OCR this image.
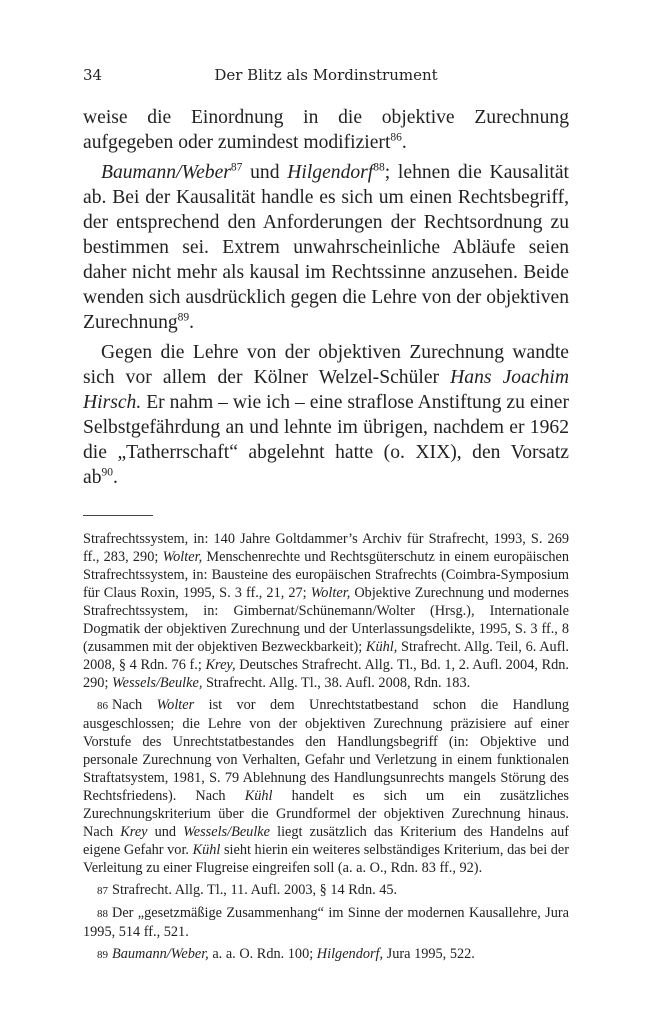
34	Der Blitz als Mordinstrument

weise die Einordnung in die objektive Zurechnung aufgegeben oder zumindest modifiziert$^{86}$.

Baumann/Weber$^{87}$ und Hilgendorf$^{88}$; lehnen die Kausalität ab. Bei der Kausalität handle es sich um einen Rechtsbegriff, der entsprechend den Anforderungen der Rechtsordnung zu bestimmen sei. Extrem unwahrscheinliche Abläufe seien daher nicht mehr als kausal im Rechtssinne anzusehen. Beide wenden sich ausdrücklich gegen die Lehre von der objektiven Zurechnung$^{89}$.

Gegen die Lehre von der objektiven Zurechnung wandte sich vor allem der Kölner Welzel-Schüler Hans Joachim Hirsch. Er nahm – wie ich – eine straflose Anstiftung zu einer Selbstgefährdung an und lehnte im übrigen, nachdem er 1962 die „Tatherrschaft“ abgelehnt hatte (o. XIX), den Vorsatz ab$^{90}$.

Strafrechtssystem, in: 140 Jahre Goltdammer’s Archiv für Strafrecht, 1993, S. 269 ff., 283, 290; Wolter, Menschenrechte und Rechtsgüterschutz in einem europäischen Strafrechtssystem, in: Bausteine des europäischen Strafrechts (Coimbra-Symposium für Claus Roxin, 1995, S. 3 ff., 21, 27; Wolter, Objektive Zurechnung und modernes Strafrechtssystem, in: Gimbernat/Schünemann/Wolter (Hrsg.), Internationale Dogmatik der objektiven Zurechnung und der Unterlassungsdelikte, 1995, S. 3 ff., 8 (zusammen mit der objektiven Bezweckbarkeit); Kühl, Strafrecht. Allg. Teil, 6. Aufl. 2008, § 4 Rdn. 76 f.; Krey, Deutsches Strafrecht. Allg. Tl., Bd. 1, 2. Aufl. 2004, Rdn. 290; Wessels/Beulke, Strafrecht. Allg. Tl., 38. Aufl. 2008, Rdn. 183.

86 Nach Wolter ist vor dem Unrechtstatbestand schon die Handlung ausgeschlossen; die Lehre von der objektiven Zurechnung präzisiere auf einer Vorstufe des Unrechtstatbestandes den Handlungsbegriff (in: Objektive und personale Zurechnung von Verhalten, Gefahr und Verletzung in einem funktionalen Straftatsystem, 1981, S. 79 Ablehnung des Handlungsunrechts mangels Störung des Rechtsfriedens). Nach Kühl handelt es sich um ein zusätzliches Zurechnungskriterium über die Grundformel der objektiven Zurechnung hinaus. Nach Krey und Wessels/Beulke liegt zusätzlich das Kriterium des Handelns auf eigene Gefahr vor. Kühl sieht hierin ein weiteres selbständiges Kriterium, das bei der Verleitung zu einer Flugreise eingreifen soll (a. a. O., Rdn. 83 ff., 92).

87 Strafrecht. Allg. Tl., 11. Aufl. 2003, § 14 Rdn. 45.

88 Der „gesetzmäßige Zusammenhang“ im Sinne der modernen Kausallehre, Jura 1995, 514 ff., 521.

89 Baumann/Weber, a. a. O. Rdn. 100; Hilgendorf, Jura 1995, 522.
